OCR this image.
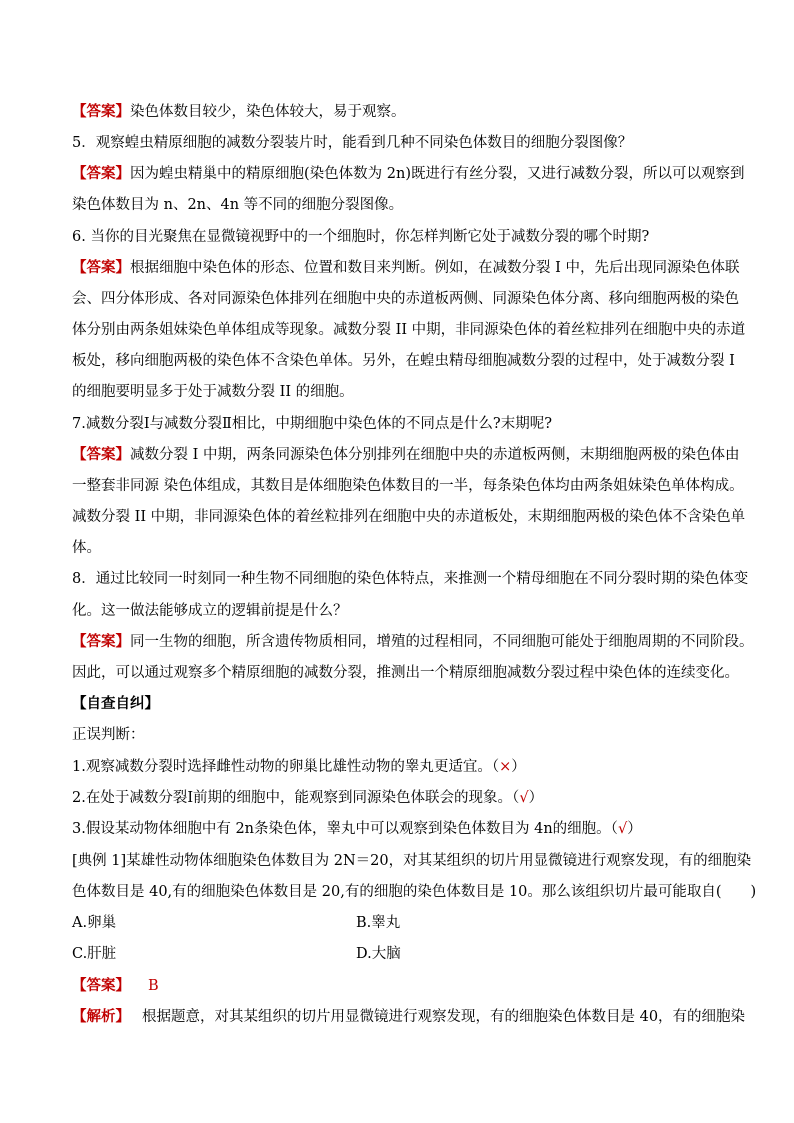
【答案】染色体数目较少，染色体较大，易于观察。
5．观察蝗虫精原细胞的减数分裂装片时，能看到几种不同染色体数目的细胞分裂图像？
【答案】因为蝗虫精巢中的精原细胞(染色体数为 2n)既进行有丝分裂，又进行减数分裂，所以可以观察到
染色体数目为 n、2n、4n 等不同的细胞分裂图像。
6. 当你的目光聚焦在显微镜视野中的一个细胞时，你怎样判断它处于减数分裂的哪个时期?
【答案】根据细胞中染色体的形态、位置和数目来判断。例如，在减数分裂 I 中，先后出现同源染色体联
会、四分体形成、各对同源染色体排列在细胞中央的赤道板两侧、同源染色体分离、移向细胞两极的染色
体分别由两条姐妹染色单体组成等现象。减数分裂 II 中期，非同源染色体的着丝粒排列在细胞中央的赤道
板处，移向细胞两极的染色体不含染色单体。另外，在蝗虫精母细胞减数分裂的过程中，处于减数分裂 I
的细胞要明显多于处于减数分裂 II 的细胞。
7.减数分裂Ⅰ与减数分裂Ⅱ相比，中期细胞中染色体的不同点是什么?末期呢?
【答案】减数分裂 I 中期，两条同源染色体分别排列在细胞中央的赤道板两侧，末期细胞两极的染色体由
一整套非同源 染色体组成，其数目是体细胞染色体数目的一半，每条染色体均由两条姐妹染色单体构成。
减数分裂 II 中期，非同源染色体的着丝粒排列在细胞中央的赤道板处，末期细胞两极的染色体不含染色单
体。
8．通过比较同一时刻同一种生物不同细胞的染色体特点，来推测一个精母细胞在不同分裂时期的染色体变
化。这一做法能够成立的逻辑前提是什么？
【答案】同一生物的细胞，所含遗传物质相同，增殖的过程相同，不同细胞可能处于细胞周期的不同阶段。
因此，可以通过观察多个精原细胞的减数分裂，推测出一个精原细胞减数分裂过程中染色体的连续变化。
【自查自纠】
正误判断：
1.观察减数分裂时选择雌性动物的卵巢比雄性动物的睾丸更适宜。（×）
2.在处于减数分裂Ⅰ前期的细胞中，能观察到同源染色体联会的现象。（√）
3.假设某动物体细胞中有 2n条染色体，睾丸中可以观察到染色体数目为 4n的细胞。（√）
[典例 1]某雄性动物体细胞染色体数目为 2N＝20，对其某组织的切片用显微镜进行观察发现，有的细胞染
色体数目是 40,有的细胞染色体数目是 20,有的细胞的染色体数目是 10。那么该组织切片最可能取自(　　)
A.卵巢	B.睾丸
C.肝脏	D.大脑
【答案】 B
【解析】 根据题意，对其某组织的切片用显微镜进行观察发现，有的细胞染色体数目是 40，有的细胞染
